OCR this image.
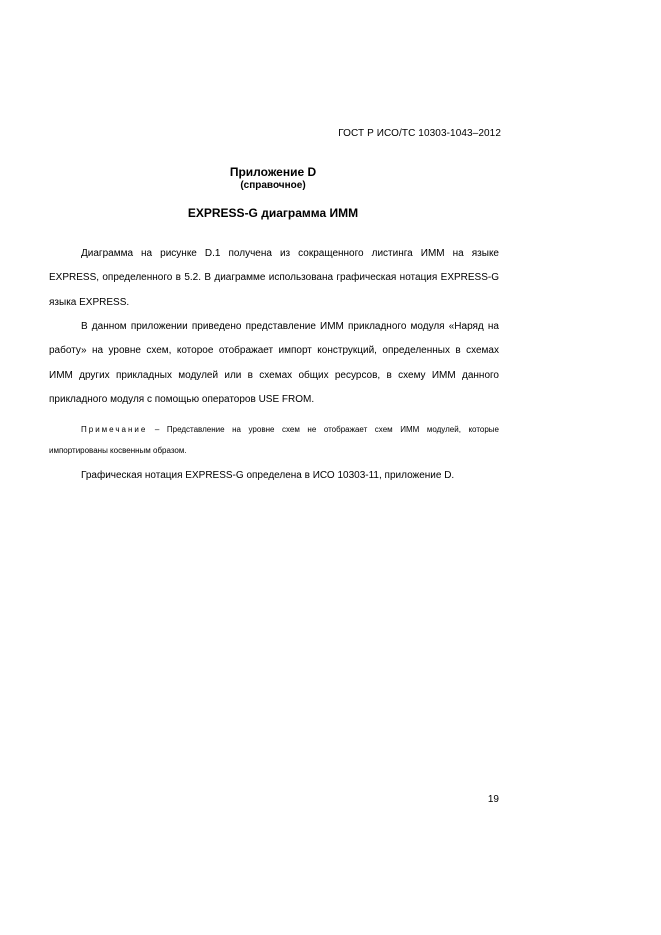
ГОСТ Р ИСО/ТС 10303-1043–2012
Приложение D
(справочное)
EXPRESS-G диаграмма ИММ

Диаграмма на рисунке D.1 получена из сокращенного листинга ИММ на языке EXPRESS, определенного в 5.2. В диаграмме использована графическая нотация EXPRESS-G языка EXPRESS.

В данном приложении приведено представление ИММ прикладного модуля «Наряд на работу» на уровне схем, которое отображает импорт конструкций, определенных в схемах ИММ других прикладных модулей или в схемах общих ресурсов, в схему ИММ данного прикладного модуля с помощью операторов USE FROM.

Примечание – Представление на уровне схем не отображает схем ИММ модулей, которые импортированы косвенным образом.

Графическая нотация EXPRESS-G определена в ИСО 10303-11, приложение D.

19
